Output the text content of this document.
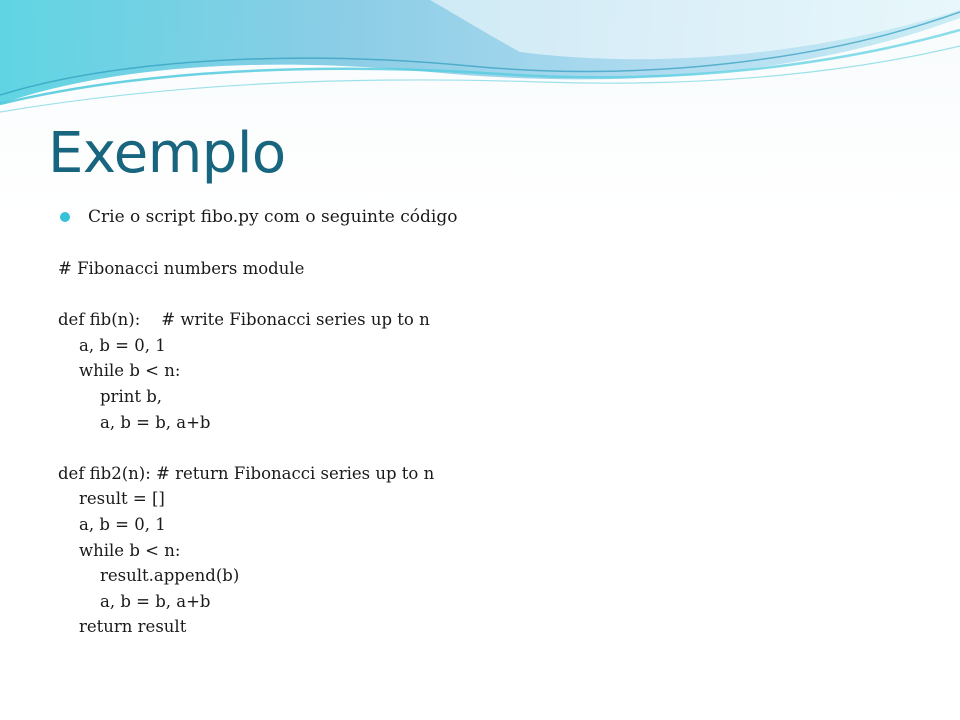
Exemplo
Crie o script fibo.py com o seguinte código
# Fibonacci numbers module
def fib(n):    # write Fibonacci series up to n
a, b = 0, 1
while b < n:
print b,
a, b = b, a+b
def fib2(n): # return Fibonacci series up to n
result = []
a, b = 0, 1
while b < n:
result.append(b)
a, b = b, a+b
return result
